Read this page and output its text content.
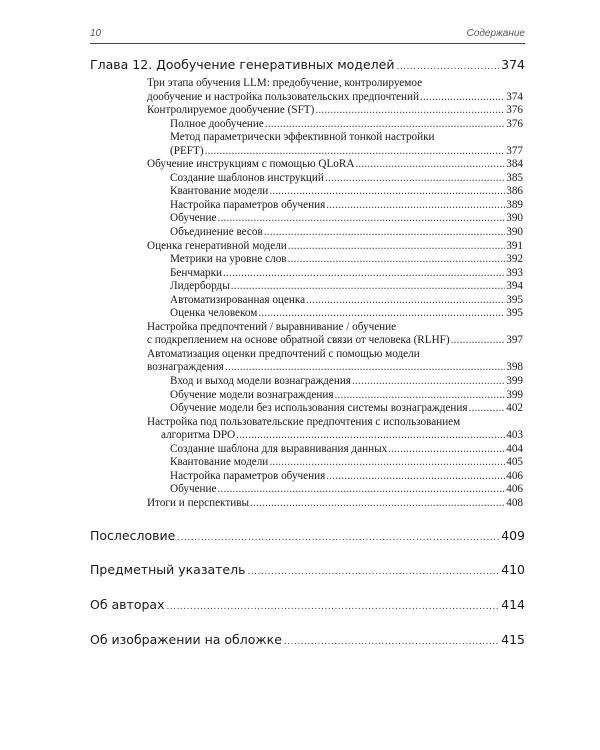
10	Содержание
Глава 12. Дообучение генеративных моделей .....	374
Три этапа обучения LLM: предобучение, контролируемое
дообучение и настройка пользовательских предпочтений .....	374
Контролируемое дообучение (SFT) .....	376
Полное дообучение .....	376
Метод параметрически эффективной тонкой настройки
(PEFT) .....	377
Обучение инструкциям с помощью QLoRA .....	384
Создание шаблонов инструкций .....	385
Квантование модели .....	386
Настройка параметров обучения .....	389
Обучение .....	390
Объединение весов .....	390
Оценка генеративной модели .....	391
Метрики на уровне слов .....	392
Бенчмарки .....	393
Лидерборды .....	394
Автоматизированная оценка .....	395
Оценка человеком .....	395
Настройка предпочтений / выравнивание / обучение
с подкреплением на основе обратной связи от человека (RLHF) .....	397
Автоматизация оценки предпочтений с помощью модели
вознаграждения .....	398
Вход и выход модели вознаграждения .....	399
Обучение модели вознаграждения .....	399
Обучение модели без использования системы вознаграждения .....	402
Настройка под пользовательские предпочтения с использованием
алгоритма DPO .....	403
Создание шаблона для выравнивания данных .....	404
Квантование модели .....	405
Настройка параметров обучения .....	406
Обучение .....	406
Итоги и перспективы .....	408
Послесловие .....	409
Предметный указатель .....	410
Об авторах .....	414
Об изображении на обложке .....	415
